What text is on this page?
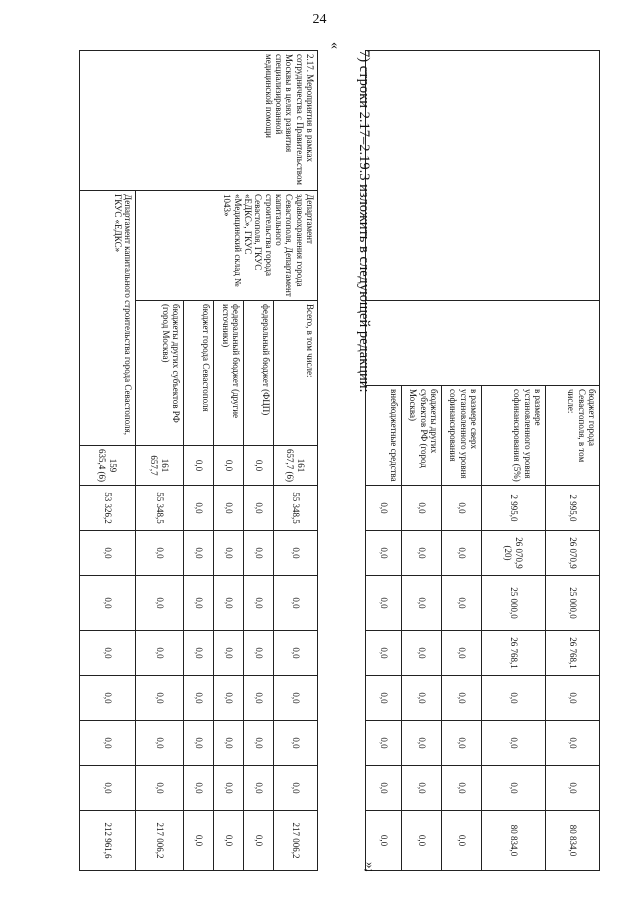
24
		бюджет города Севастополя, в том числе:	2 995,0	26 070,9	25 000,0	26 768,1	0,0	0,0	0,0	80 834,0
		в размере установленного уровня софинансирования (5%)	2 995,0	26 070,9 (20)	25 000,0	26 768,1	0,0	0,0	0,0	80 834,0
		в размере сверх установленного уровня софинансирования	0,0	0,0	0,0	0,0	0,0	0,0	0,0	0,0
		бюджеты других субъектов РФ (город Москва)	0,0	0,0	0,0	0,0	0,0	0,0	0,0	0,0
		внебюджетные средства	0,0	0,0	0,0	0,0	0,0	0,0	0,0	0,0
»;
7) строки 2.17–2.19.3 изложить в следующей редакции:
«
2.17. Мероприятия в рамках сотрудничества с Правительством Москвы в целях развития специализированной медицинской помощи	Департамент здравоохранения города Севастополя, Департамент капитального строительства города Севастополя, ГКУС «ЕДКС», ГКУС «Медицинский склад № 1043»	Всего, в том числе:	161 657,7 (6)	55 348,5	0,0	0,0	0,0	0,0	0,0	0,0	217 006,2
		федеральный бюджет (ФЦП)	0,0	0,0	0,0	0,0	0,0	0,0	0,0	0,0	0,0
		федеральный бюджет (другие источники)	0,0	0,0	0,0	0,0	0,0	0,0	0,0	0,0	0,0
		бюджет города Севастополя	0,0	0,0	0,0	0,0	0,0	0,0	0,0	0,0	0,0
		бюджеты других субъектов РФ (город Москва)	161 657,7	55 348,5	0,0	0,0	0,0	0,0	0,0	0,0	217 006,2
	Департамент капитального строительства города Севастополя, ГКУС «ЕДКС»		159 635,4 (6)	53 326,2	0,0	0,0	0,0	0,0	0,0	0,0	212 961,6
